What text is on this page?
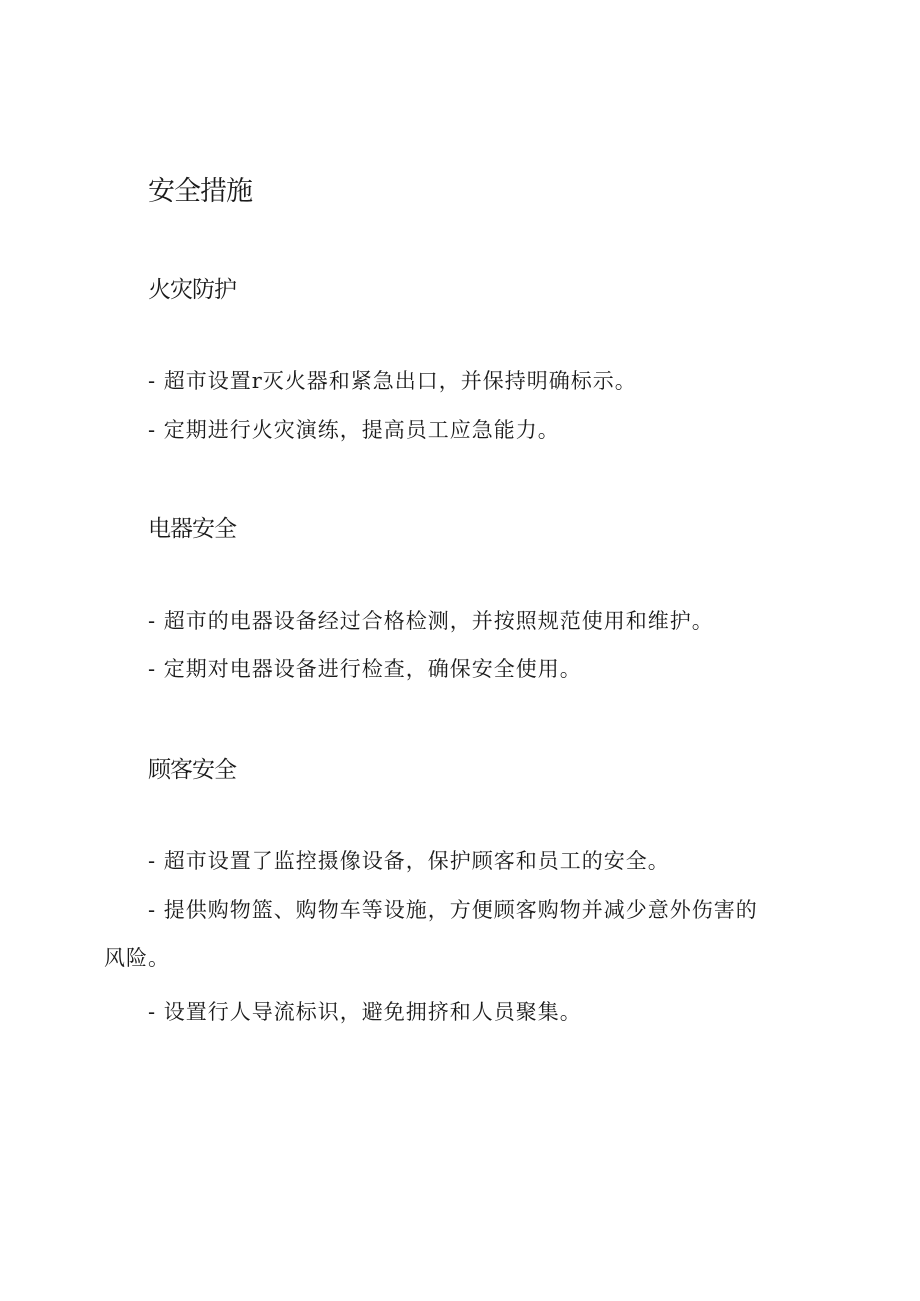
安全措施
火灾防护

- 超市设置r灭火器和紧急出口，并保持明确标示。

- 定期进行火灾演练，提高员工应急能力。

电器安全

- 超市的电器设备经过合格检测，并按照规范使用和维护。

- 定期对电器设备进行检查，确保安全使用。

顾客安全

- 超市设置了监控摄像设备，保护顾客和员工的安全。

- 提供购物篮、购物车等设施，方便顾客购物并减少意外伤害的

风险。

- 设置行人导流标识，避免拥挤和人员聚集。
